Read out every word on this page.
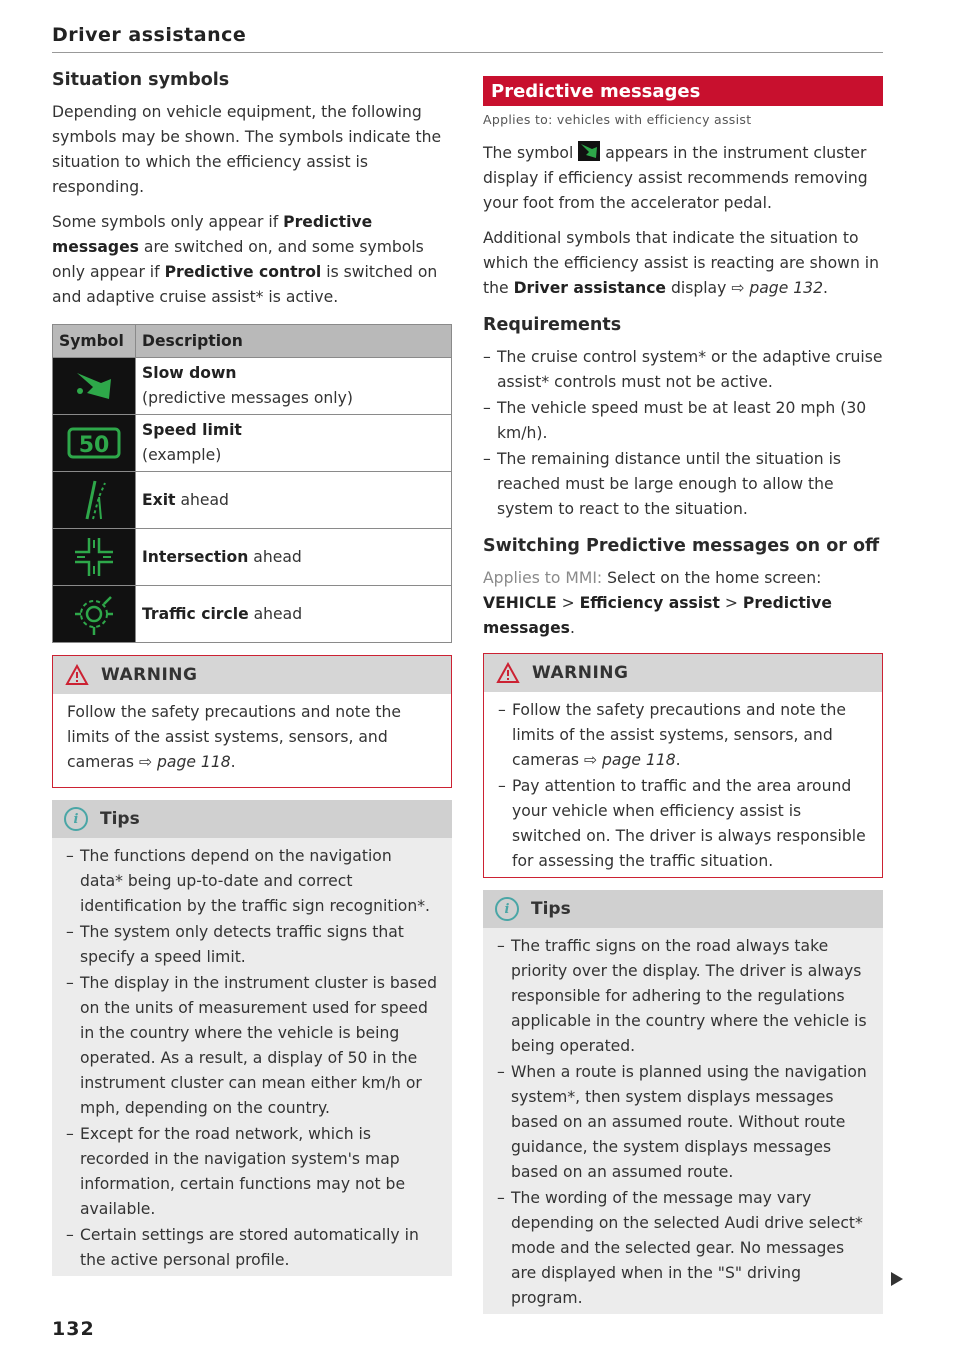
Driver assistance
Situation symbols

Depending on vehicle equipment, the following symbols may be shown. The symbols indicate the situation to which the efficiency assist is responding.

Some symbols only appear if Predictive messages are switched on, and some symbols only appear if Predictive control is switched on and adaptive cruise assist* is active.

Symbol	Description

	Slow down
(predictive messages only)

50	Speed limit
(example)

	Exit ahead

	Intersection ahead

	Traffic circle ahead
WARNING

Follow the safety precautions and note the limits of the assist systems, sensors, and cameras ⇨ page 118.

i	Tips
– The functions depend on the navigation data* being up-to-date and correct identification by the traffic sign recognition*.
– The system only detects traffic signs that specify a speed limit.
– The display in the instrument cluster is based on the units of measurement used for speed in the country where the vehicle is being operated. As a result, a display of 50 in the instrument cluster can mean either km/h or mph, depending on the country.
– Except for the road network, which is recorded in the navigation system's map information, certain functions may not be available.
– Certain settings are stored automatically in the active personal profile.
Predictive messages
Applies to: vehicles with efficiency assist

The symbol  appears in the instrument cluster display if efficiency assist recommends removing your foot from the accelerator pedal.

Additional symbols that indicate the situation to which the efficiency assist is reacting are shown in the Driver assistance display ⇨ page 132.

Requirements
– The cruise control system* or the adaptive cruise assist* controls must not be active.
– The vehicle speed must be at least 20 mph (30 km/h).
– The remaining distance until the situation is reached must be large enough to allow the system to react to the situation.
Switching Predictive messages on or off

Applies to MMI: Select on the home screen: VEHICLE > Efficiency assist > Predictive messages.

WARNING
– Follow the safety precautions and note the limits of the assist systems, sensors, and cameras ⇨ page 118.
– Pay attention to traffic and the area around your vehicle when efficiency assist is switched on. The driver is always responsible for assessing the traffic situation.
i	Tips
– The traffic signs on the road always take priority over the display. The driver is always responsible for adhering to the regulations applicable in the country where the vehicle is being operated.
– When a route is planned using the navigation system*, then system displays messages based on an assumed route. Without route guidance, the system displays messages based on an assumed route.
– The wording of the message may vary depending on the selected Audi drive select* mode and the selected gear. No messages are displayed when in the "S" driving program.
132
